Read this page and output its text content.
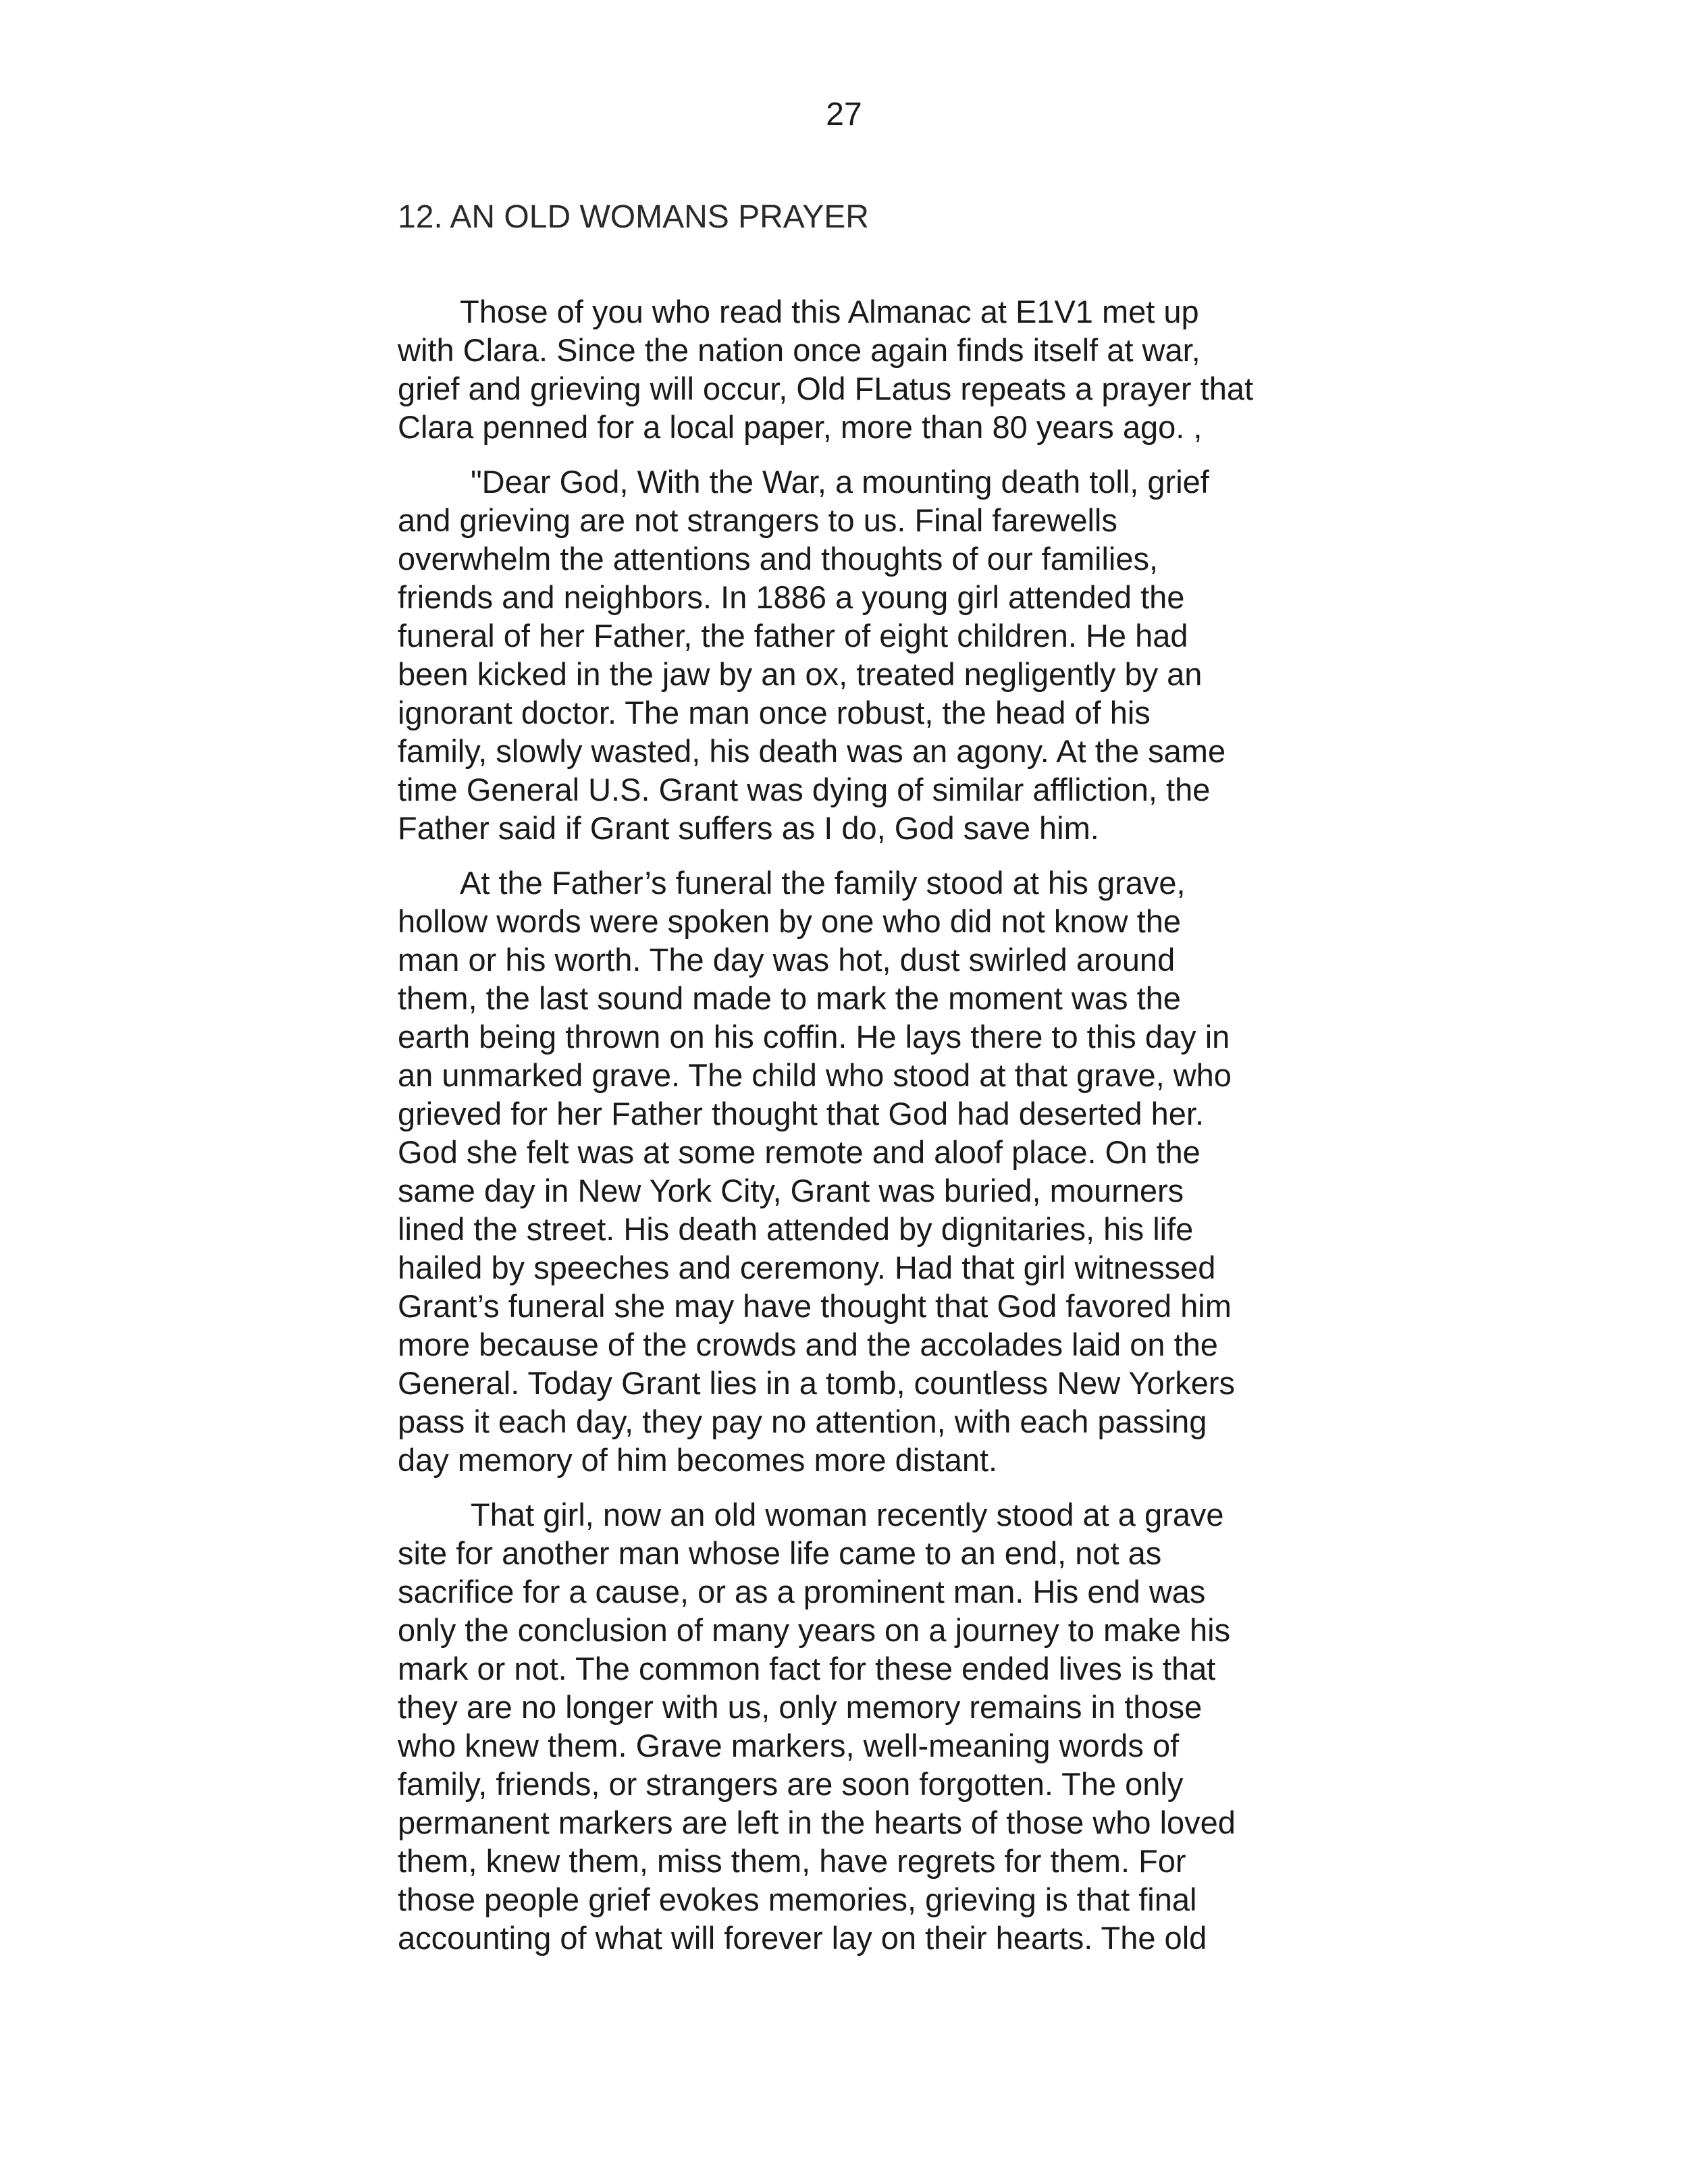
27
12. AN OLD WOMANS PRAYER

Those of you who read this Almanac at E1V1 met up
with Clara. Since the nation once again finds itself at war,
grief and grieving will occur, Old FLatus repeats a prayer that
Clara penned for a local paper, more than 80 years ago. ,

"Dear God, With the War, a mounting death toll, grief
and grieving are not strangers to us. Final farewells
overwhelm the attentions and thoughts of our families,
friends and neighbors. In 1886 a young girl attended the
funeral of her Father, the father of eight children. He had
been kicked in the jaw by an ox, treated negligently by an
ignorant doctor. The man once robust, the head of his
family, slowly wasted, his death was an agony. At the same
time General U.S. Grant was dying of similar affliction, the
Father said if Grant suffers as I do, God save him.

At the Father’s funeral the family stood at his grave,
hollow words were spoken by one who did not know the
man or his worth. The day was hot, dust swirled around
them, the last sound made to mark the moment was the
earth being thrown on his coffin. He lays there to this day in
an unmarked grave. The child who stood at that grave, who
grieved for her Father thought that God had deserted her.
God she felt was at some remote and aloof place. On the
same day in New York City, Grant was buried, mourners
lined the street. His death attended by dignitaries, his life
hailed by speeches and ceremony. Had that girl witnessed
Grant’s funeral she may have thought that God favored him
more because of the crowds and the accolades laid on the
General. Today Grant lies in a tomb, countless New Yorkers
pass it each day, they pay no attention, with each passing
day memory of him becomes more distant.

That girl, now an old woman recently stood at a grave
site for another man whose life came to an end, not as
sacrifice for a cause, or as a prominent man. His end was
only the conclusion of many years on a journey to make his
mark or not. The common fact for these ended lives is that
they are no longer with us, only memory remains in those
who knew them. Grave markers, well-meaning words of
family, friends, or strangers are soon forgotten. The only
permanent markers are left in the hearts of those who loved
them, knew them, miss them, have regrets for them. For
those people grief evokes memories, grieving is that final
accounting of what will forever lay on their hearts. The old
